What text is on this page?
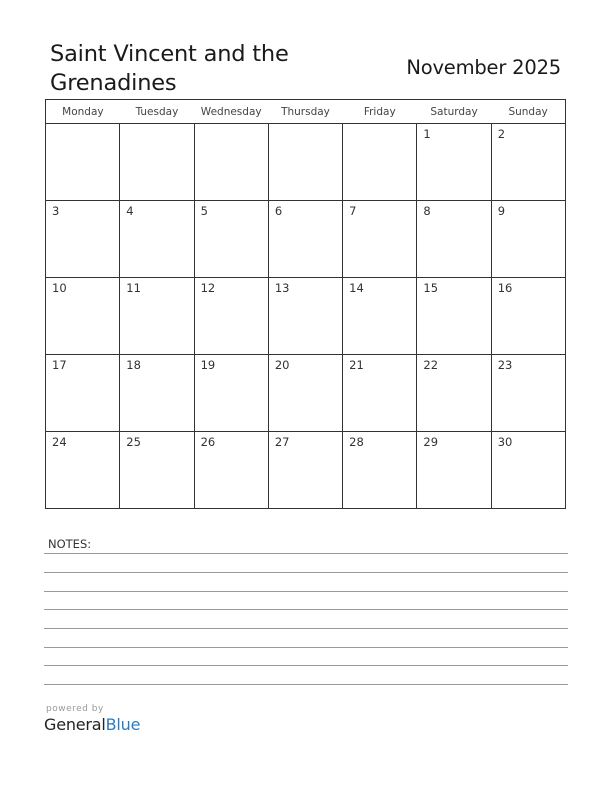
Saint Vincent and the Grenadines
November 2025
Monday	Tuesday	Wednesday	Thursday	Friday	Saturday	Sunday

					1	2

3	4	5	6	7	8	9

10	11	12	13	14	15	16

17	18	19	20	21	22	23

24	25	26	27	28	29	30
NOTES:
powered by
GeneralBlue
